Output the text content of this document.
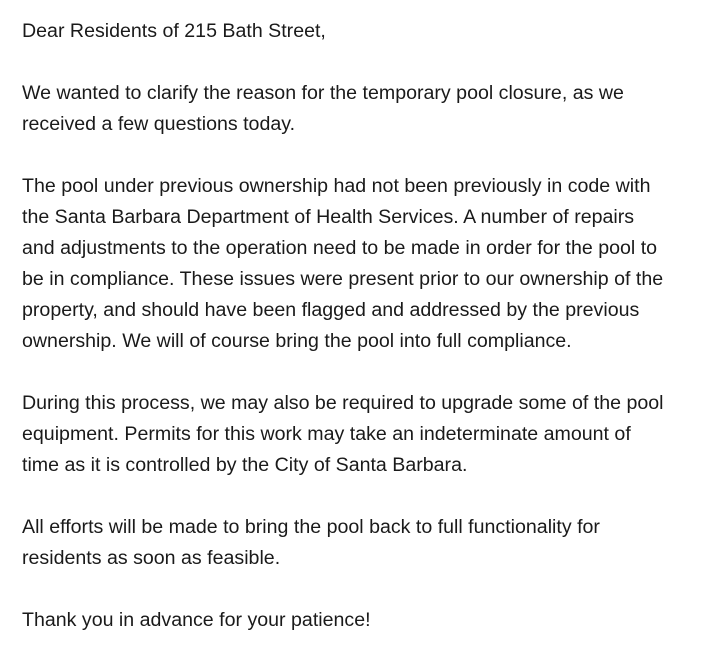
Dear Residents of 215 Bath Street,

We wanted to clarify the reason for the temporary pool closure, as we
received a few questions today.

The pool under previous ownership had not been previously in code with
the Santa Barbara Department of Health Services. A number of repairs
and adjustments to the operation need to be made in order for the pool to
be in compliance. These issues were present prior to our ownership of the
property, and should have been flagged and addressed by the previous
ownership. We will of course bring the pool into full compliance.

During this process, we may also be required to upgrade some of the pool
equipment. Permits for this work may take an indeterminate amount of
time as it is controlled by the City of Santa Barbara.

All efforts will be made to bring the pool back to full functionality for
residents as soon as feasible.

Thank you in advance for your patience!
